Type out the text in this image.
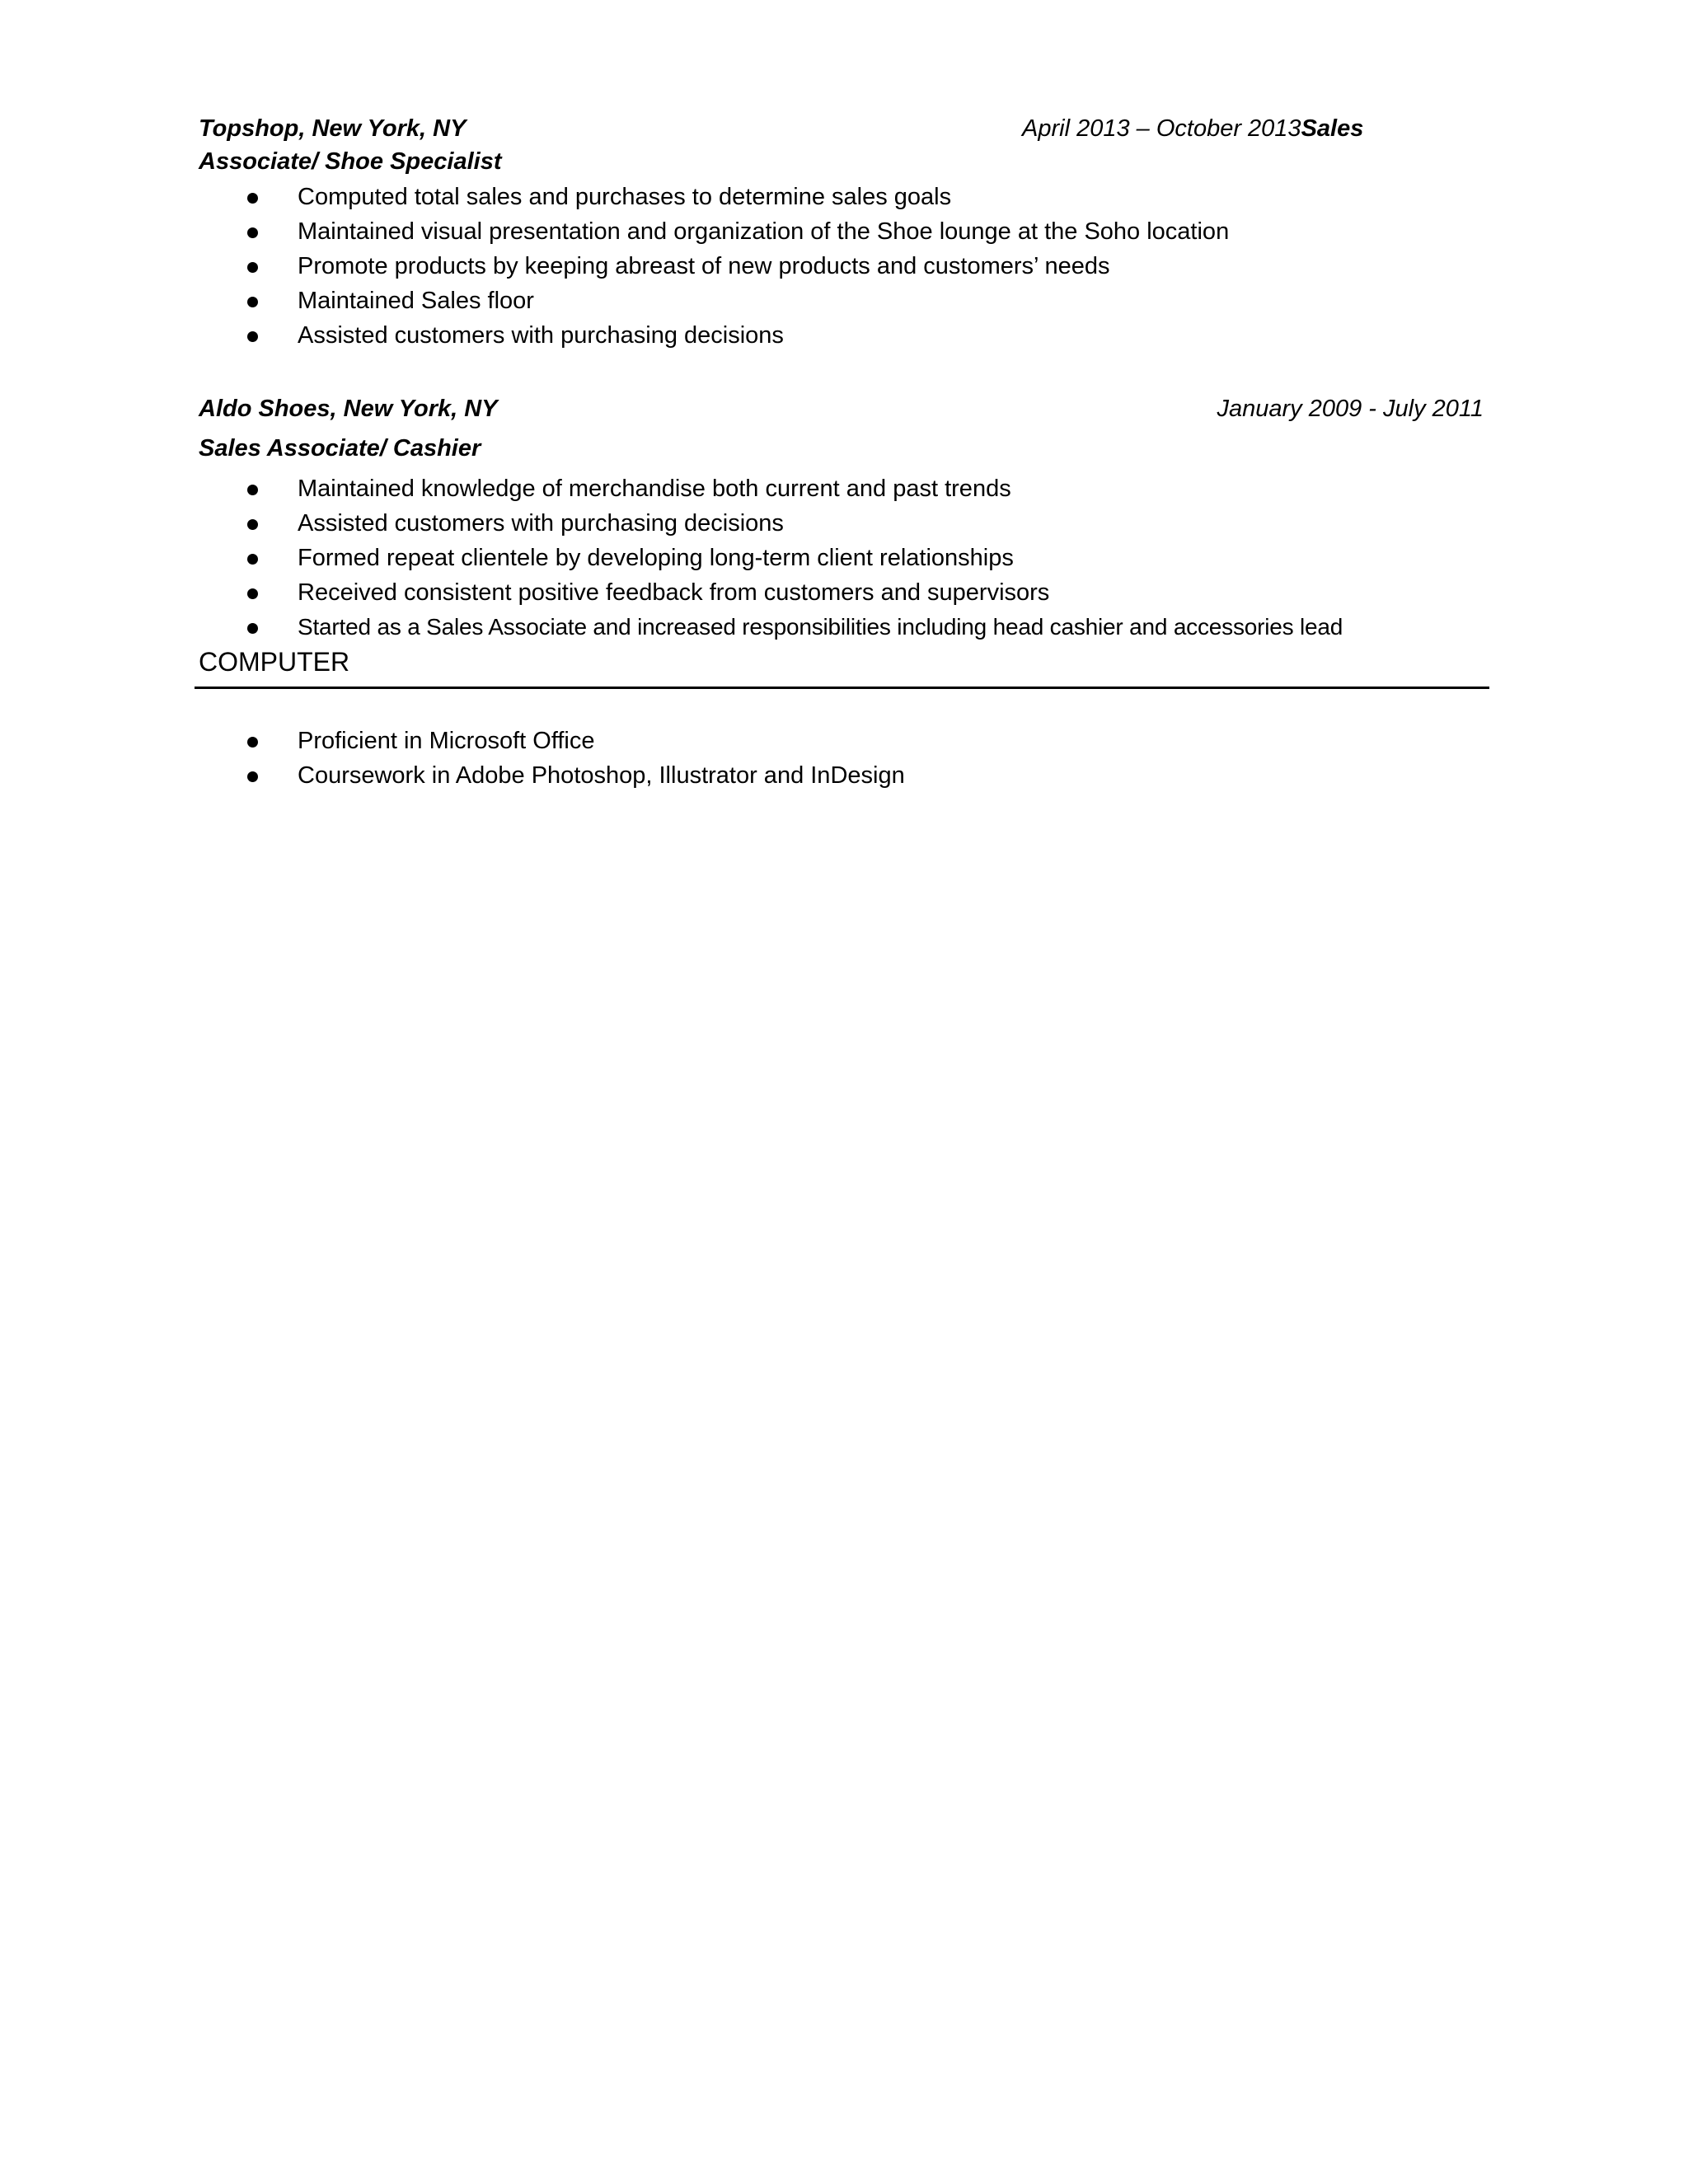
Topshop, New York, NY	April 2013 – October 2013Sales
Associate/ Shoe Specialist
Computed total sales and purchases to determine sales goals
Maintained visual presentation and organization of the Shoe lounge at the Soho location
Promote products by keeping abreast of new products and customers’ needs
Maintained Sales floor
Assisted customers with purchasing decisions
Aldo Shoes, New York, NY	January 2009 - July 2011
Sales Associate/ Cashier
Maintained knowledge of merchandise both current and past trends
Assisted customers with purchasing decisions
Formed repeat clientele by developing long-term client relationships
Received consistent positive feedback from customers and supervisors
Started as a Sales Associate and increased responsibilities including head cashier and accessories lead
COMPUTER
Proficient in Microsoft Office
Coursework in Adobe Photoshop, Illustrator and InDesign
